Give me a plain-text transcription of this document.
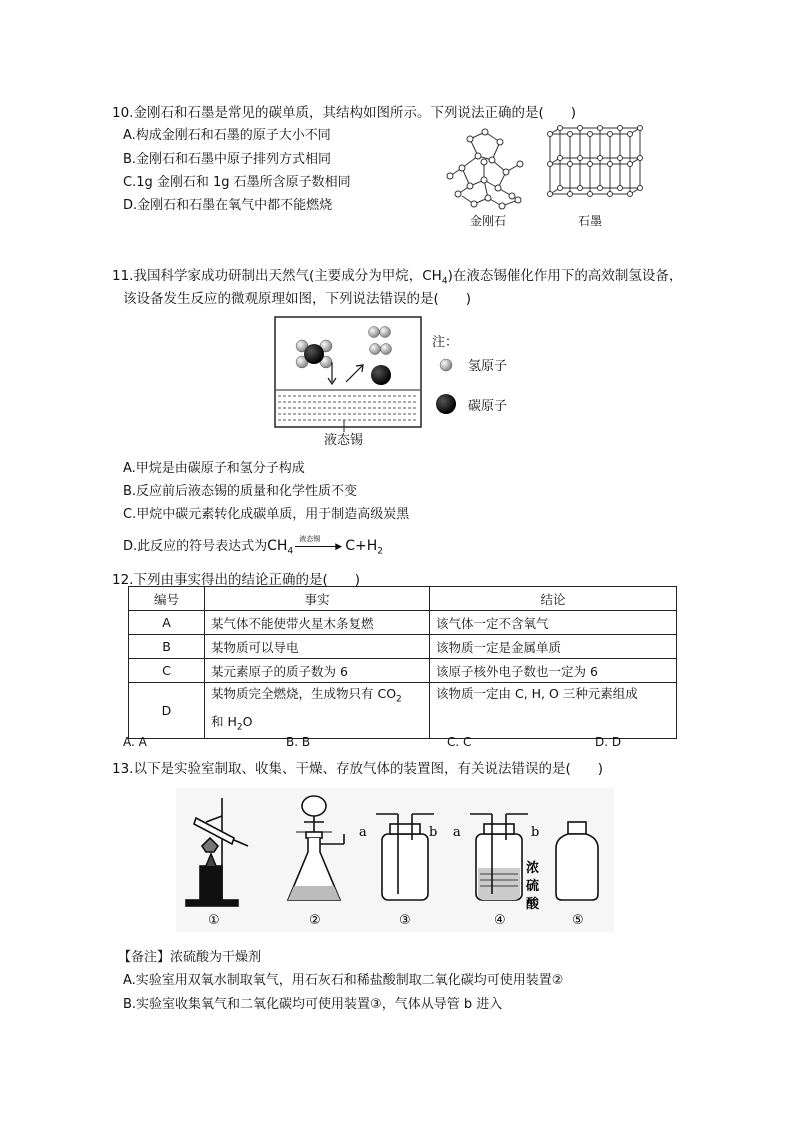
10.金刚石和石墨是常见的碳单质，其结构如图所示。下列说法正确的是(　　)
A.构成金刚石和石墨的原子大小不同
B.金刚石和石墨中原子排列方式相同
C.1g 金刚石和 1g 石墨所含原子数相同
D.金刚石和石墨在氧气中都不能燃烧
金刚石	石墨
11.我国科学家成功研制出天然气(主要成分为甲烷，$CH_4$)在液态锡催化作用下的高效制氢设备，
该设备发生反应的微观原理如图，下列说法错误的是(　　)
注：
氢原子
碳原子
液态锡
A.甲烷是由碳原子和氢分子构成
B.反应前后液态锡的质量和化学性质不变
C.甲烷中碳元素转化成碳单质，用于制造高级炭黑
D.此反应的符号表达式为$CH_4$
液态锡
▶ $C+H_2$
12.下列由事实得出的结论正确的是(　　)
编号	事实	结论
A	某气体不能使带火星木条复燃	该气体一定不含氧气
B	某物质可以导电	该物质一定是金属单质
C	某元素原子的质子数为 6	该原子核外电子数也一定为 6
D	某物质完全燃烧，生成物只有 $CO_2$
和 $H_2O$	该物质一定由 C, H, O 三种元素组成
A. A	B. B	C. C	D. D
13.以下是实验室制取、收集、干燥、存放气体的装置图，有关说法错误的是(　　)
a	b a	b
浓
硫
酸
①	②	③	④	⑤
【备注】浓硫酸为干燥剂
A.实验室用双氧水制取氧气，用石灰石和稀盐酸制取二氧化碳均可使用装置②
B.实验室收集氧气和二氧化碳均可使用装置③，气体从导管 b 进入
